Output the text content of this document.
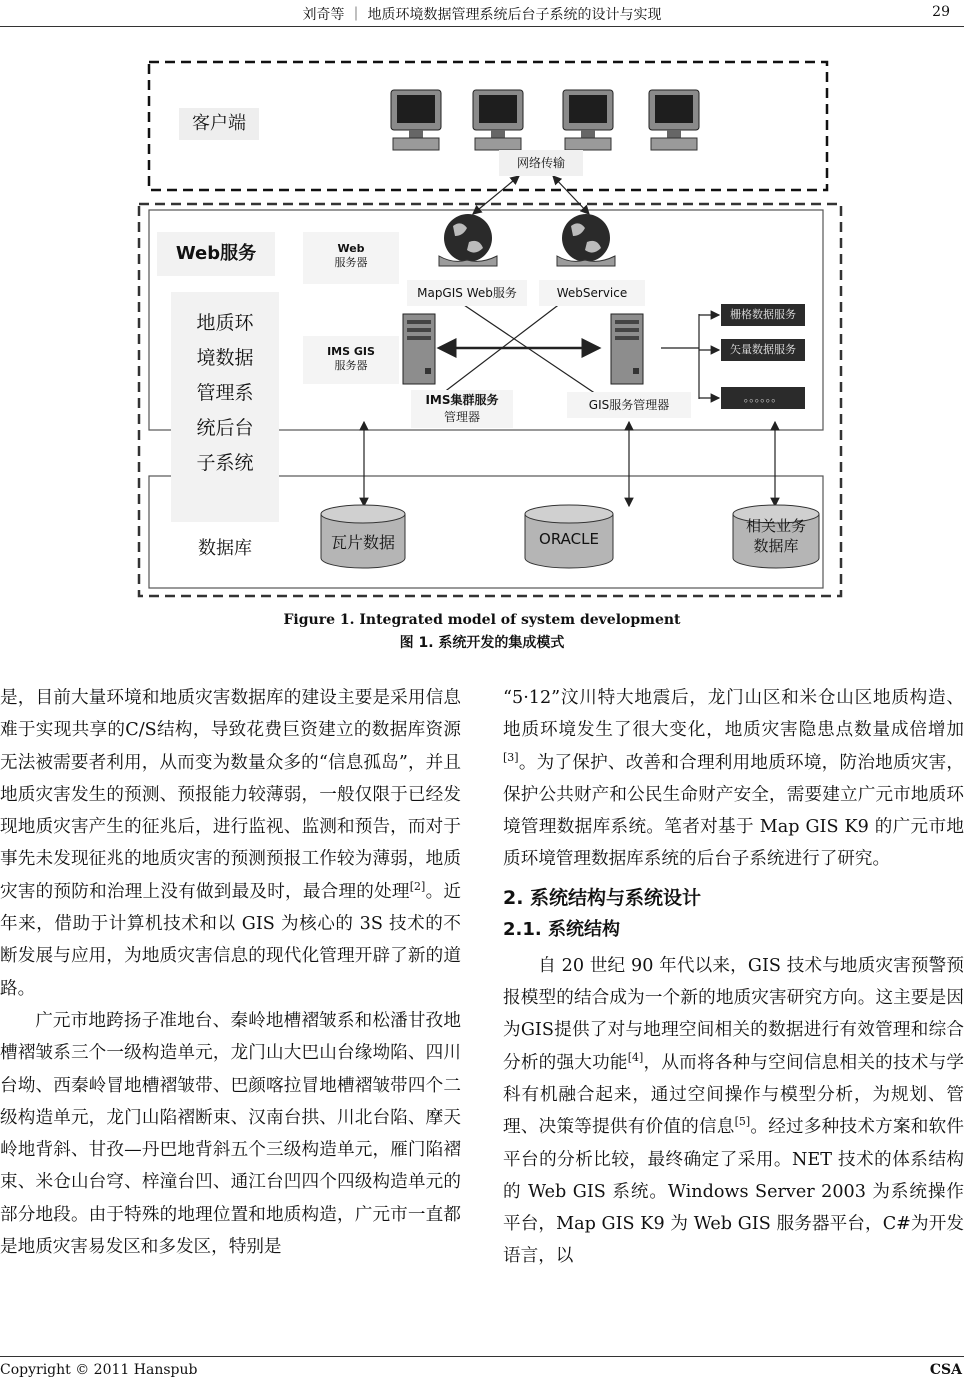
刘奇等 ｜ 地质环境数据管理系统后台子系统的设计与实现	29
客户端
网络传输
Web服务
地质环
境数据
管理系
统后台
子系统
Web
服务器
IMS GIS
服务器
MapGIS Web服务	WebService
IMS集群服务
管理器
GIS服务管理器
栅格数据服务
矢量数据服务
。。。。。。
数据库	瓦片数据	ORACLE
相关业务
数据库
Figure 1. Integrated model of system development
图 1. 系统开发的集成模式

是，目前大量环境和地质灾害数据库的建设主要是采用信息难于实现共享的C/S结构，导致花费巨资建立的数据库资源无法被需要者利用，从而变为数量众多的“信息孤岛”，并且地质灾害发生的预测、预报能力较薄弱，一般仅限于已经发现地质灾害产生的征兆后，进行监视、监测和预告，而对于事先未发现征兆的地质灾害的预测预报工作较为薄弱，地质灾害的预防和治理上没有做到最及时，最合理的处理[2]。近年来，借助于计算机技术和以 GIS 为核心的 3S 技术的不断发展与应用，为地质灾害信息的现代化管理开辟了新的道路。

广元市地跨扬子准地台、秦岭地槽褶皱系和松潘甘孜地槽褶皱系三个一级构造单元，龙门山大巴山台缘坳陷、四川台坳、西秦岭冒地槽褶皱带、巴颜喀拉冒地槽褶皱带四个二级构造单元，龙门山陷褶断束、汉南台拱、川北台陷、摩天岭地背斜、甘孜—丹巴地背斜五个三级构造单元，雁门陷褶束、米仓山台穹、梓潼台凹、通江台凹四个四级构造单元的部分地段。由于特殊的地理位置和地质构造，广元市一直都是地质灾害易发区和多发区，特别是

“5·12”汶川特大地震后，龙门山区和米仓山区地质构造、地质环境发生了很大变化，地质灾害隐患点数量成倍增加[3]。为了保护、改善和合理利用地质环境，防治地质灾害，保护公共财产和公民生命财产安全，需要建立广元市地质环境管理数据库系统。笔者对基于 Map GIS K9 的广元市地质环境管理数据库系统的后台子系统进行了研究。

2. 系统结构与系统设计

2.1. 系统结构

自 20 世纪 90 年代以来，GIS 技术与地质灾害预警预报模型的结合成为一个新的地质灾害研究方向。这主要是因为GIS提供了对与地理空间相关的数据进行有效管理和综合分析的强大功能[4]，从而将各种与空间信息相关的技术与学科有机融合起来，通过空间操作与模型分析，为规划、管理、决策等提供有价值的信息[5]。经过多种技术方案和软件平台的分析比较，最终确定了采用。NET 技术的体系结构的 Web GIS 系统。Windows Server 2003 为系统操作平台，Map GIS K9 为 Web GIS 服务器平台，C#为开发语言，以

Copyright © 2011 Hanspub	CSA
